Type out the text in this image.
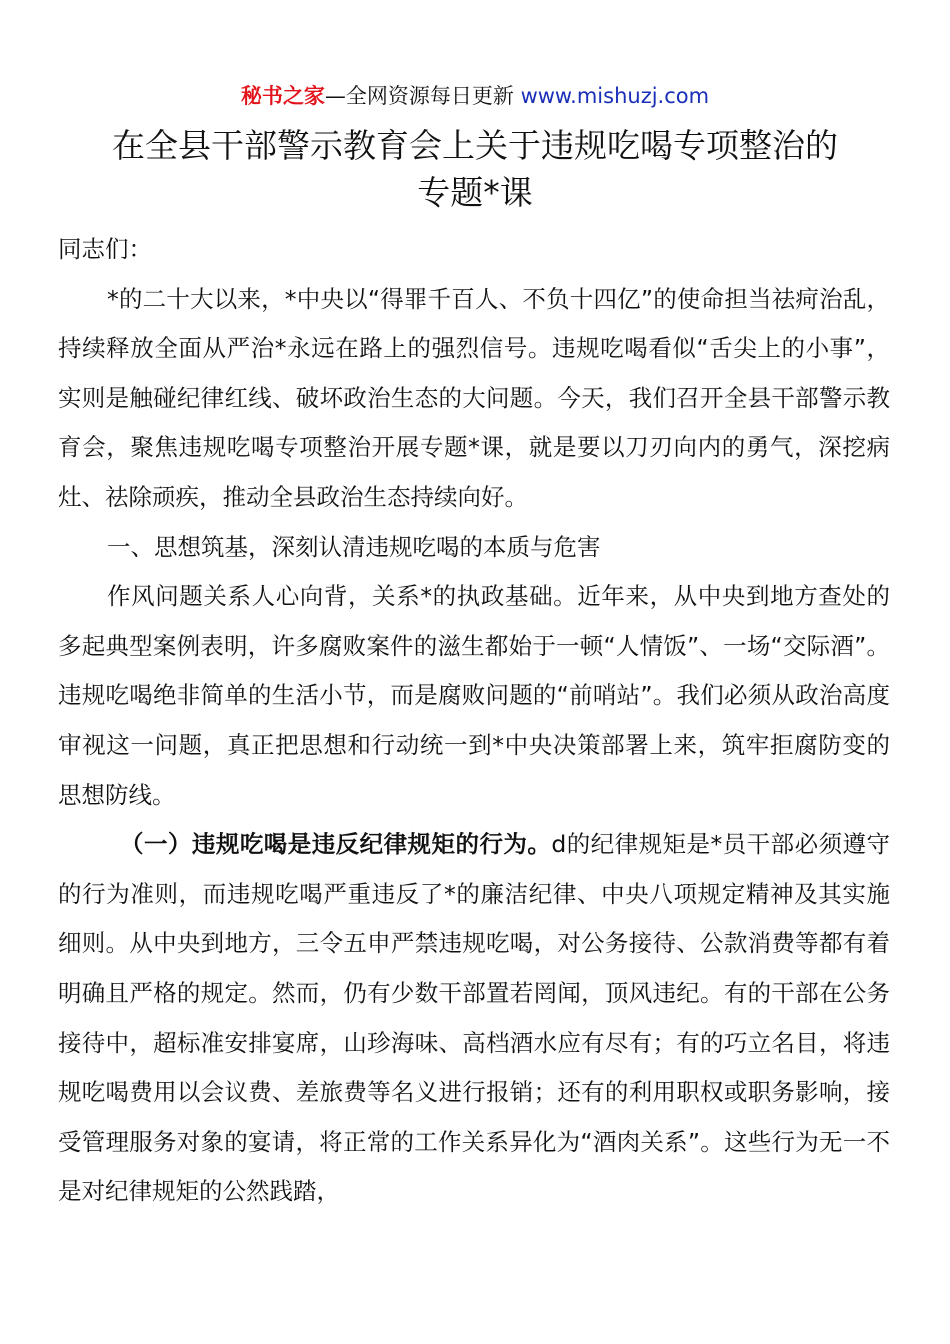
秘书之家—全网资源每日更新 www.mishuzj.com
在全县干部警示教育会上关于违规吃喝专项整治的
专题*课

同志们：

*的二十大以来，*中央以“得罪千百人、不负十四亿”的使命担当祛疴治乱，持续释放全面从严治*永远在路上的强烈信号。违规吃喝看似“舌尖上的小事”，实则是触碰纪律红线、破坏政治生态的大问题。今天，我们召开全县干部警示教育会，聚焦违规吃喝专项整治开展专题*课，就是要以刀刃向内的勇气，深挖病灶、祛除顽疾，推动全县政治生态持续向好。

一、思想筑基，深刻认清违规吃喝的本质与危害

作风问题关系人心向背，关系*的执政基础。近年来，从中央到地方查处的多起典型案例表明，许多腐败案件的滋生都始于一顿“人情饭”、一场“交际酒”。违规吃喝绝非简单的生活小节，而是腐败问题的“前哨站”。我们必须从政治高度审视这一问题，真正把思想和行动统一到*中央决策部署上来，筑牢拒腐防变的思想防线。

（一）违规吃喝是违反纪律规矩的行为。d的纪律规矩是*员干部必须遵守的行为准则，而违规吃喝严重违反了*的廉洁纪律、中央八项规定精神及其实施细则。从中央到地方，三令五申严禁违规吃喝，对公务接待、公款消费等都有着明确且严格的规定。然而，仍有少数干部置若罔闻，顶风违纪。有的干部在公务接待中，超标准安排宴席，山珍海味、高档酒水应有尽有；有的巧立名目，将违规吃喝费用以会议费、差旅费等名义进行报销；还有的利用职权或职务影响，接受管理服务对象的宴请，将正常的工作关系异化为“酒肉关系”。这些行为无一不是对纪律规矩的公然践踏，
